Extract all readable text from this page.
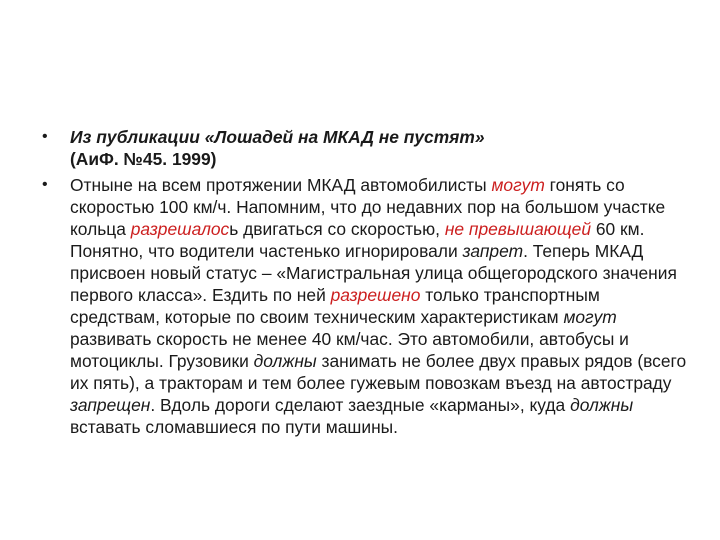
• Из публикации «Лошадей на МКАД не пустят»
(АиФ. №45. 1999)
• Отныне на всем протяжении МКАД автомобилисты могут гонять со скоростью 100 км/ч. Напомним, что до недавних пор на большом участке кольца разрешалось двигаться со скоростью, не превышающей 60 км. Понятно, что водители частенько игнорировали запрет. Теперь МКАД присвоен новый статус – «Магистральная улица общегородского значения первого класса». Ездить по ней разрешено только транспортным средствам, которые по своим техническим характеристикам могут развивать скорость не менее 40 км/час. Это автомобили, автобусы и мотоциклы. Грузовики должны занимать не более двух правых рядов (всего их пять), а тракторам и тем более гужевым повозкам въезд на автостраду запрещен. Вдоль дороги сделают заездные «карманы», куда должны вставать сломавшиеся по пути машины.
